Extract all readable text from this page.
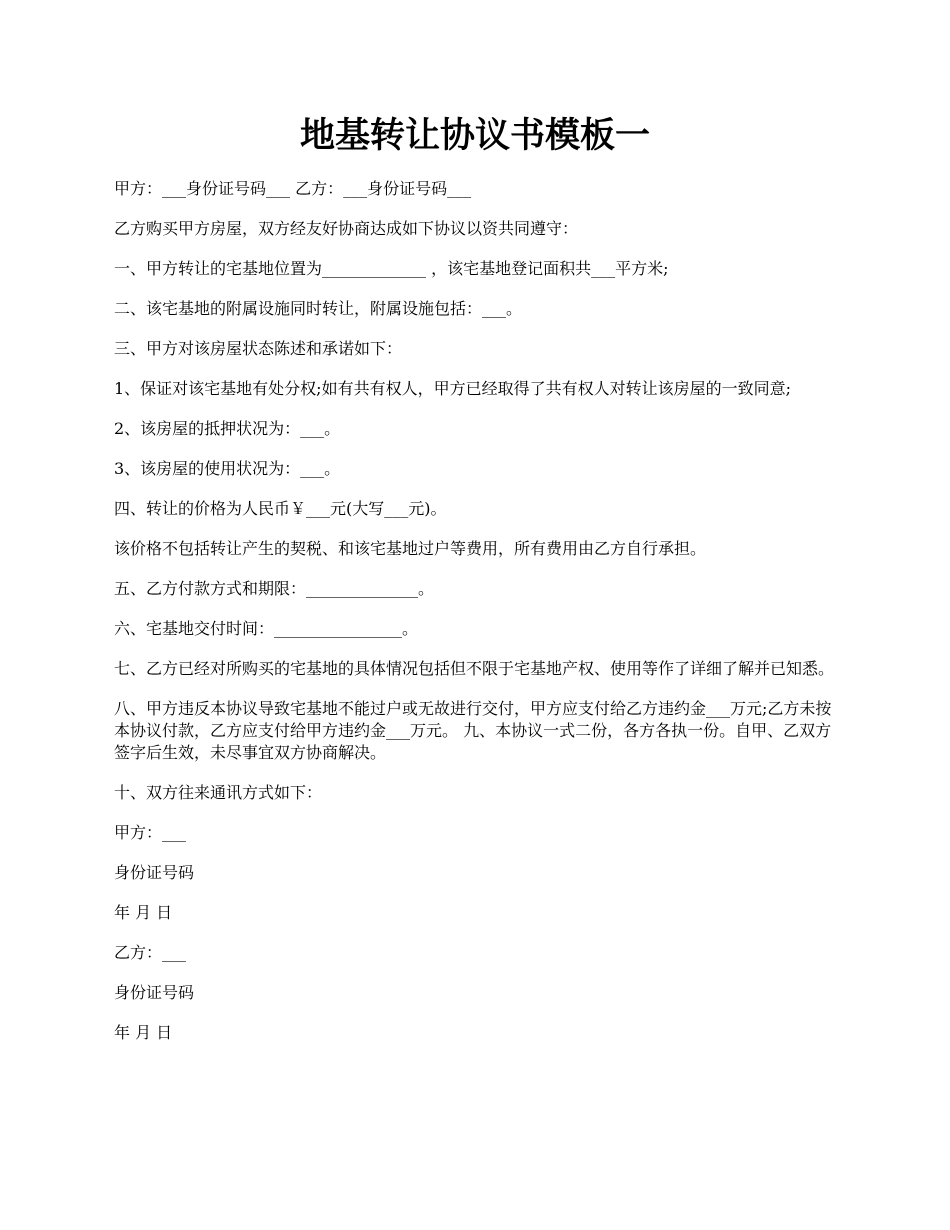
地基转让协议书模板一

甲方：___身份证号码___ 乙方：___身份证号码___

乙方购买甲方房屋，双方经友好协商达成如下协议以资共同遵守：

一、甲方转让的宅基地位置为_____________ ，该宅基地登记面积共___平方米;

二、该宅基地的附属设施同时转让，附属设施包括：___。

三、甲方对该房屋状态陈述和承诺如下：

1、保证对该宅基地有处分权;如有共有权人，甲方已经取得了共有权人对转让该房屋的一致同意;

2、该房屋的抵押状况为：___。

3、该房屋的使用状况为：___。

四、转让的价格为人民币￥___元(大写___元)。

该价格不包括转让产生的契税、和该宅基地过户等费用，所有费用由乙方自行承担。

五、乙方付款方式和期限：______________。

六、宅基地交付时间：________________。

七、乙方已经对所购买的宅基地的具体情况包括但不限于宅基地产权、使用等作了详细了解并已知悉。

八、甲方违反本协议导致宅基地不能过户或无故进行交付，甲方应支付给乙方违约金___万元;乙方未按本协议付款，乙方应支付给甲方违约金___万元。 九、本协议一式二份，各方各执一份。自甲、乙双方签字后生效，未尽事宜双方协商解决。

十、双方往来通讯方式如下：

甲方：___

身份证号码

年 月 日

乙方：___

身份证号码

年 月 日
